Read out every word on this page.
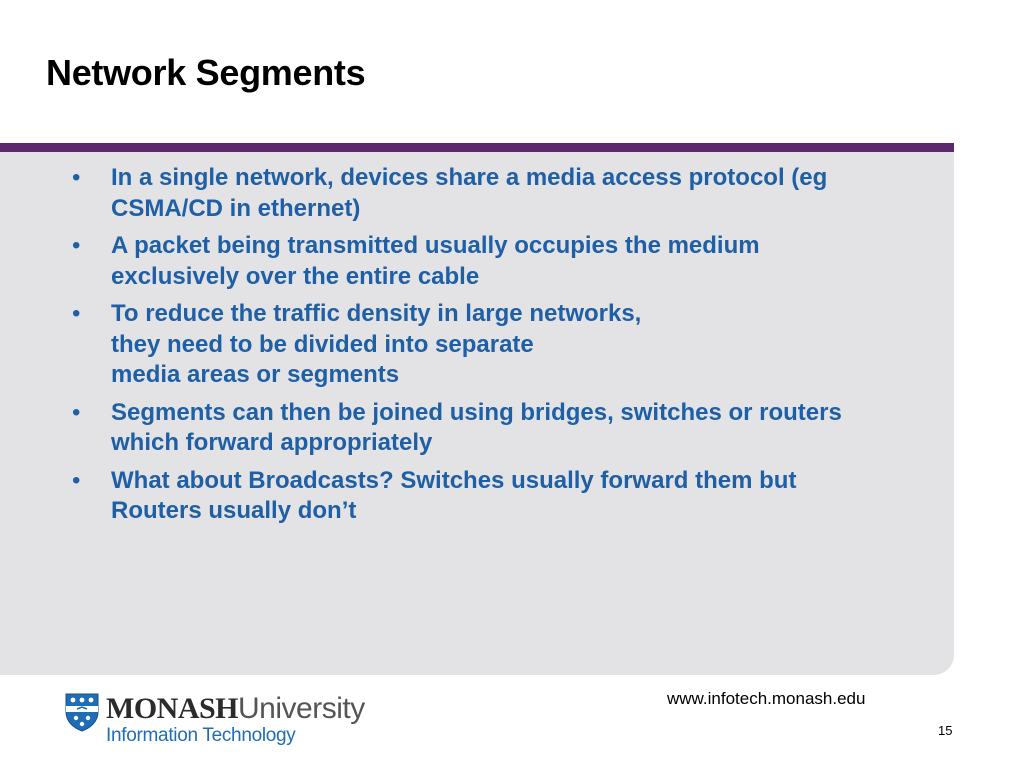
Network Segments
• In a single network, devices share a media access protocol (eg
CSMA/CD in ethernet)
• A packet being transmitted usually occupies the medium
exclusively over the entire cable
• To reduce the traffic density in large networks,
they need to be divided into separate
media areas or segments
• Segments can then be joined using bridges, switches or routers
which forward appropriately
• What about Broadcasts? Switches usually forward them but
Routers usually don’t
MONASHUniversity
Information Technology
www.infotech.monash.edu
15
